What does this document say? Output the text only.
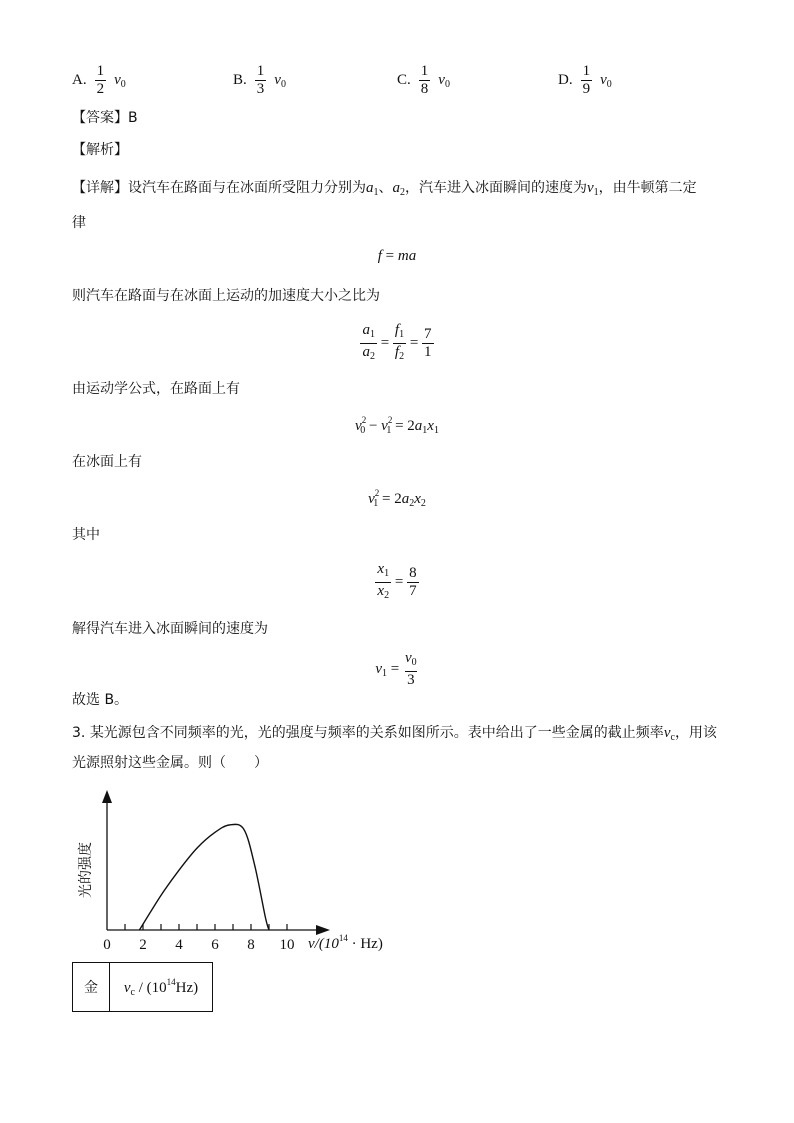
A. $\frac{1}{2} v_0$	B. $\frac{1}{3} v_0$	C. $\frac{1}{8} v_0$	D. $\frac{1}{9} v_0$
【答案】B
【解析】
【详解】设汽车在路面与在冰面所受阻力分别为$a_1$、$a_2$，汽车进入冰面瞬间的速度为$v_1$，由牛顿第二定
律
f = ma
则汽车在路面与在冰面上运动的加速度大小之比为
$\frac{a_1}{a_2} = \frac{f_1}{f_2} = \frac{7}{1}$
由运动学公式，在路面上有
$v^2_0 - v^2_1 = 2a_1x_1$
在冰面上有
$v^2_1 = 2a_2x_2$
其中
$\frac{x_1}{x_2} = \frac{8}{7}$
解得汽车进入冰面瞬间的速度为
$v_1 = \frac{v_0}{3}$
故选 B。
3. 某光源包含不同频率的光，光的强度与频率的关系如图所示。表中给出了一些金属的截止频率$\nu_c$，用该
光源照射这些金属。则（　　）
0 2 4 6 8 10
光的强度
$\nu/(10^{14} \cdot Hz)$
金	$\nu_c / (10^{14}Hz)$
